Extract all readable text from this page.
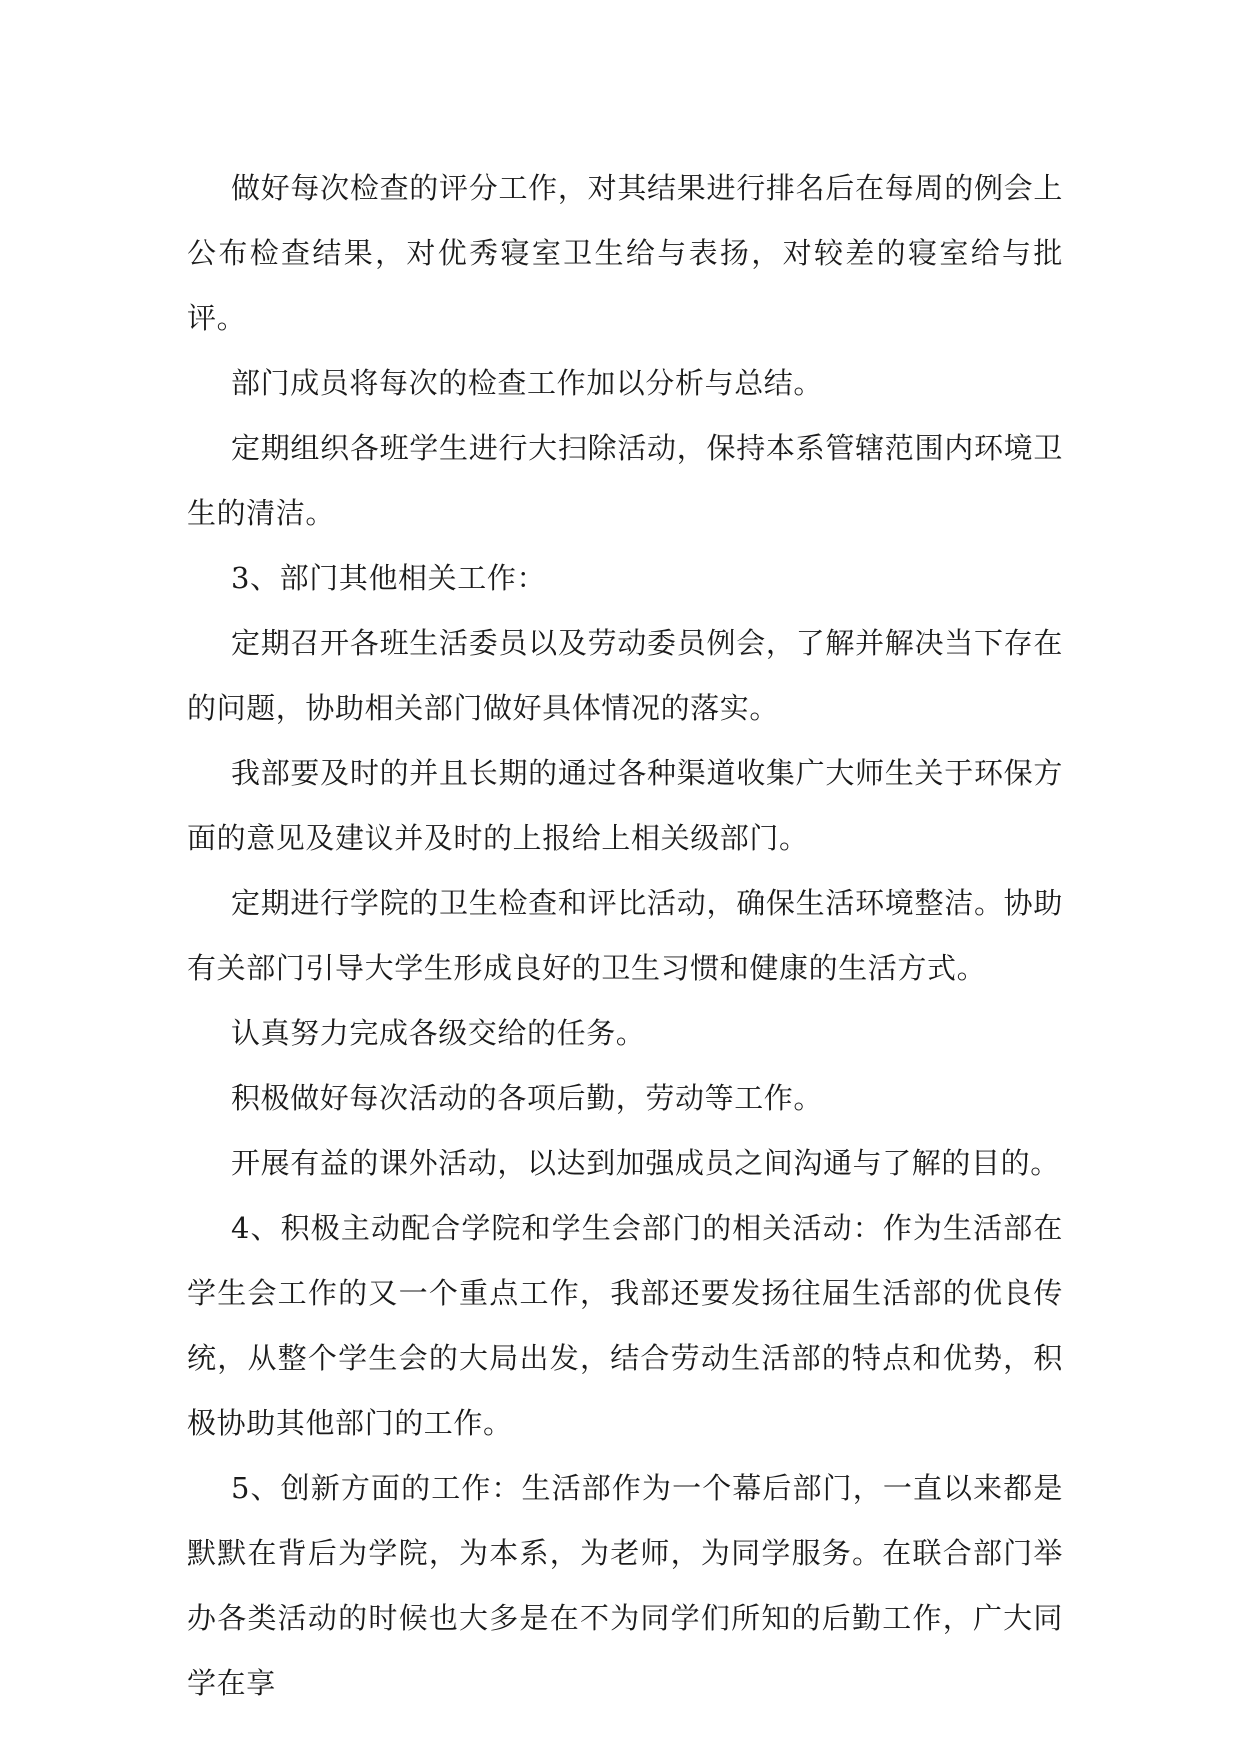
做好每次检查的评分工作，对其结果进行排名后在每周的例会上公布检查结果，对优秀寝室卫生给与表扬，对较差的寝室给与批评。

部门成员将每次的检查工作加以分析与总结。

定期组织各班学生进行大扫除活动，保持本系管辖范围内环境卫生的清洁。

3、部门其他相关工作：

定期召开各班生活委员以及劳动委员例会，了解并解决当下存在的问题，协助相关部门做好具体情况的落实。

我部要及时的并且长期的通过各种渠道收集广大师生关于环保方面的意见及建议并及时的上报给上相关级部门。

定期进行学院的卫生检查和评比活动，确保生活环境整洁。协助有关部门引导大学生形成良好的卫生习惯和健康的生活方式。

认真努力完成各级交给的任务。

积极做好每次活动的各项后勤，劳动等工作。

开展有益的课外活动，以达到加强成员之间沟通与了解的目的。

4、积极主动配合学院和学生会部门的相关活动：作为生活部在学生会工作的又一个重点工作，我部还要发扬往届生活部的优良传统，从整个学生会的大局出发，结合劳动生活部的特点和优势，积极协助其他部门的工作。

5、创新方面的工作：生活部作为一个幕后部门，一直以来都是默默在背后为学院，为本系，为老师，为同学服务。在联合部门举办各类活动的时候也大多是在不为同学们所知的后勤工作，广大同学在享
